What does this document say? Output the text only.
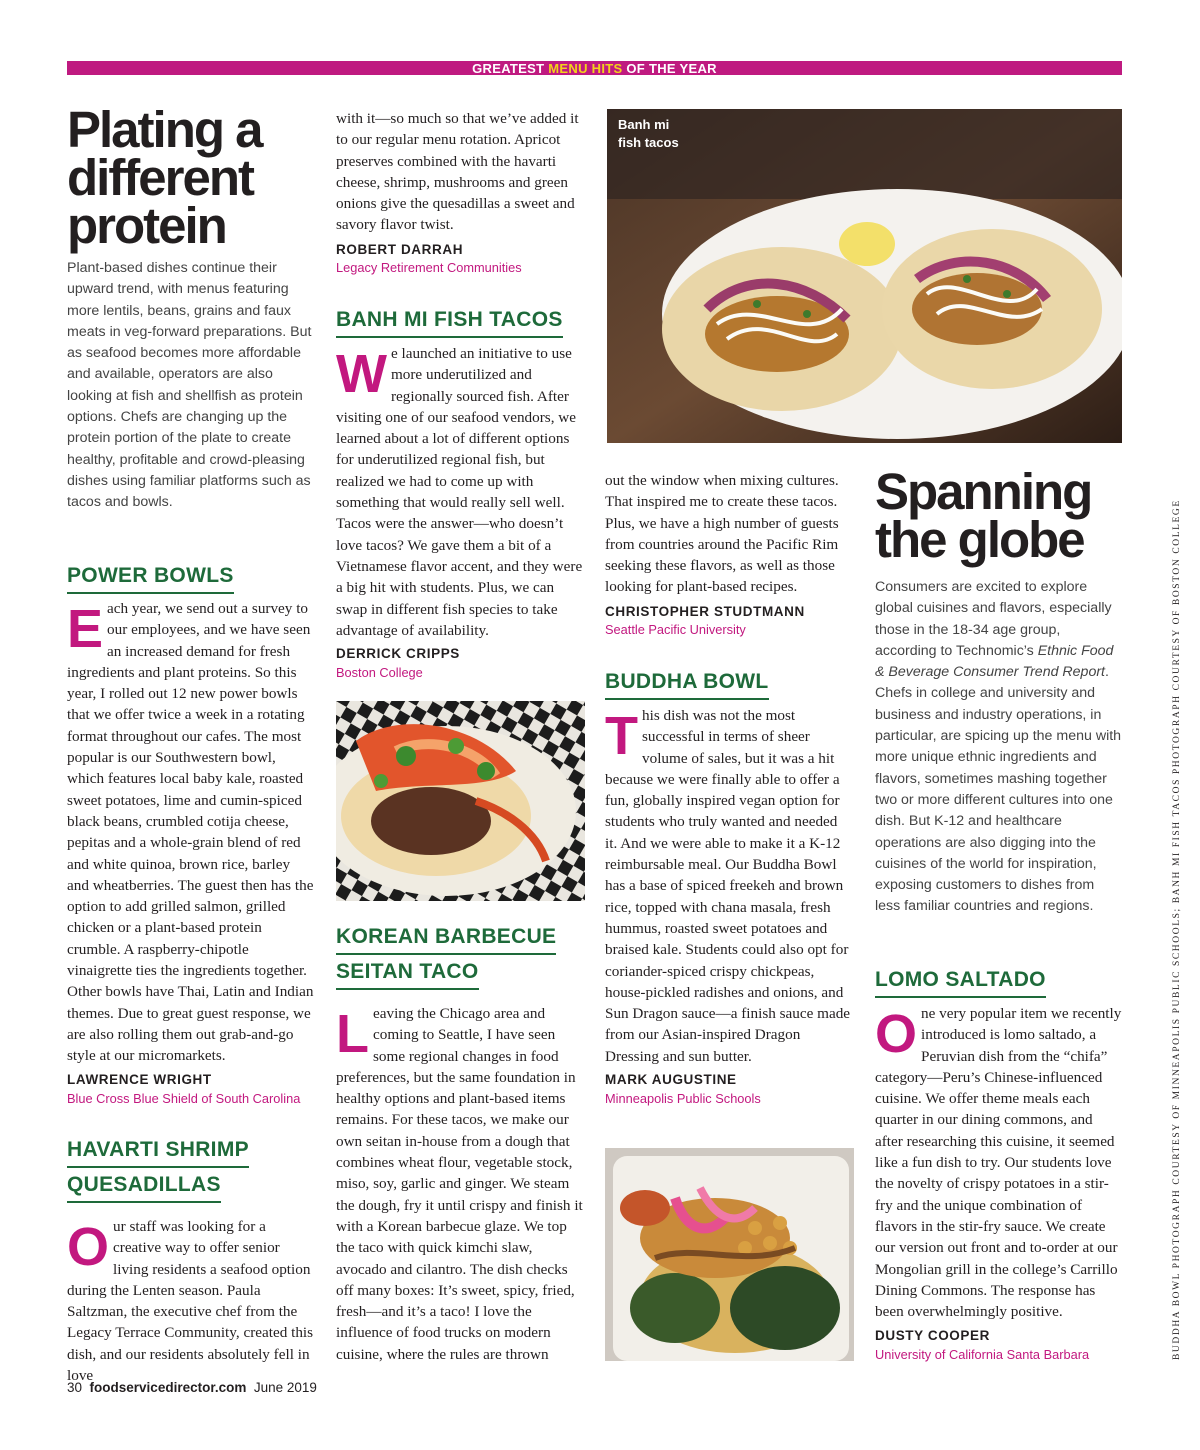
GREATEST MENU HITS OF THE YEAR
Plating a
different
protein
Plant-based dishes continue their upward trend, with menus featuring more lentils, beans, grains and faux meats in veg-forward preparations. But as seafood becomes more affordable and available, operators are also looking at fish and shellfish as protein options. Chefs are changing up the protein portion of the plate to create healthy, profitable and crowd-pleasing dishes using familiar platforms such as tacos and bowls.
POWER BOWLS
Each year, we send out a survey to our employees, and we have seen an increased demand for fresh ingredients and plant proteins. So this year, I rolled out 12 new power bowls that we offer twice a week in a rotating format throughout our cafes. The most popular is our Southwestern bowl, which features local baby kale, roasted sweet potatoes, lime and cumin-spiced black beans, crumbled cotija cheese, pepitas and a whole-grain blend of red and white quinoa, brown rice, barley and wheatberries. The guest then has the option to add grilled salmon, grilled chicken or a plant-based protein crumble. A raspberry-chipotle vinaigrette ties the ingredients together. Other bowls have Thai, Latin and Indian themes. Due to great guest response, we are also rolling them out grab-and-go style at our micromarkets.
LAWRENCE WRIGHT
Blue Cross Blue Shield of South Carolina
HAVARTI SHRIMP
QUESADILLAS
Our staff was looking for a creative way to offer senior living residents a seafood option during the Lenten season. Paula Saltzman, the executive chef from the Legacy Terrace Community, created this dish, and our residents absolutely fell in love
with it—so much so that we’ve added it to our regular menu rotation. Apricot preserves combined with the havarti cheese, shrimp, mushrooms and green onions give the quesadillas a sweet and savory flavor twist.
ROBERT DARRAH
Legacy Retirement Communities
BANH MI FISH TACOS
We launched an initiative to use more underutilized and regionally sourced fish. After visiting one of our seafood vendors, we learned about a lot of different options for underutilized regional fish, but realized we had to come up with something that would really sell well. Tacos were the answer—who doesn’t love tacos? We gave them a bit of a Vietnamese flavor accent, and they were a big hit with students. Plus, we can swap in different fish species to take advantage of availability.
DERRICK CRIPPS
Boston College
KOREAN BARBECUE
SEITAN TACO
Leaving the Chicago area and coming to Seattle, I have seen some regional changes in food preferences, but the same foundation in healthy options and plant-based items remains. For these tacos, we make our own seitan in-house from a dough that combines wheat flour, vegetable stock, miso, soy, garlic and ginger. We steam the dough, fry it until crispy and finish it with a Korean barbecue glaze. We top the taco with quick kimchi slaw, avocado and cilantro. The dish checks off many boxes: It’s sweet, spicy, fried, fresh—and it’s a taco! I love the influence of food trucks on modern cuisine, where the rules are thrown
Banh mi
fish tacos
out the window when mixing cultures. That inspired me to create these tacos. Plus, we have a high number of guests from countries around the Pacific Rim seeking these flavors, as well as those looking for plant-based recipes.
CHRISTOPHER STUDTMANN
Seattle Pacific University
BUDDHA BOWL
This dish was not the most successful in terms of sheer volume of sales, but it was a hit because we were finally able to offer a fun, globally inspired vegan option for students who truly wanted and needed it. And we were able to make it a K-12 reimbursable meal. Our Buddha Bowl has a base of spiced freekeh and brown rice, topped with chana masala, fresh hummus, roasted sweet potatoes and braised kale. Students could also opt for coriander-spiced crispy chickpeas, house-pickled radishes and onions, and Sun Dragon sauce—a finish sauce made from our Asian-inspired Dragon Dressing and sun butter.
MARK AUGUSTINE
Minneapolis Public Schools
Spanning
the globe
Consumers are excited to explore global cuisines and flavors, especially those in the 18-34 age group, according to Technomic’s Ethnic Food & Beverage Consumer Trend Report. Chefs in college and university and business and industry operations, in particular, are spicing up the menu with more unique ethnic ingredients and flavors, sometimes mashing together two or more different cultures into one dish. But K-12 and healthcare operations are also digging into the cuisines of the world for inspiration, exposing customers to dishes from less familiar countries and regions.
LOMO SALTADO
One very popular item we recently introduced is lomo saltado, a Peruvian dish from the “chifa” category—Peru’s Chinese-influenced cuisine. We offer theme meals each quarter in our dining commons, and after researching this cuisine, it seemed like a fun dish to try. Our students love the novelty of crispy potatoes in a stir-fry and the unique combination of flavors in the stir-fry sauce. We create our version out front and to-order at our Mongolian grill in the college’s Carrillo Dining Commons. The response has been overwhelmingly positive.
DUSTY COOPER
University of California Santa Barbara	BUDDHA BOWL PHOTOGRAPH COURTESY OF MINNEAPOLIS PUBLIC SCHOOLS; BANH MI FISH TACOS PHOTOGRAPH COURTESY OF BOSTON COLLEGE
30 foodservicedirector.com June 2019
